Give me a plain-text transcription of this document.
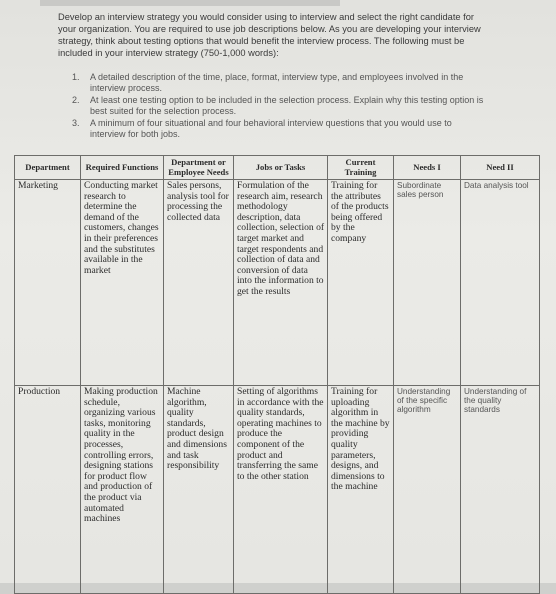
Develop an interview strategy you would consider using to interview and select the right candidate for your organization. You are required to use job descriptions below. As you are developing your interview strategy, think about testing options that would benefit the interview process. The following must be included in your interview strategy (750-1,000 words):

1. A detailed description of the time, place, format, interview type, and employees involved in the interview process.
2. At least one testing option to be included in the selection process. Explain why this testing option is best suited for the selection process.
3. A minimum of four situational and four behavioral interview questions that you would use to interview for both jobs.
Department	Required Functions	Department or Employee Needs	Jobs or Tasks	Current Training	Needs I	Need II
Marketing	Conducting market research to determine the demand of the customers, changes in their preferences and the substitutes available in the market	Sales persons, analysis tool for processing the collected data	Formulation of the research aim, research methodology description, data collection, selection of target market and target respondents and collection of data and conversion of data into the information to get the results	Training for the attributes of the products being offered by the company	Subordinate sales person	Data analysis tool
Production	Making production schedule, organizing various tasks, monitoring quality in the processes, controlling errors, designing stations for product flow and production of the product via automated machines	Machine algorithm, quality standards, product design and dimensions and task responsibility	Setting of algorithms in accordance with the quality standards, operating machines to produce the component of the product and transferring the same to the other station	Training for uploading algorithm in the machine by providing quality parameters, designs, and dimensions to the machine	Understanding of the specific algorithm	Understanding of the quality standards
